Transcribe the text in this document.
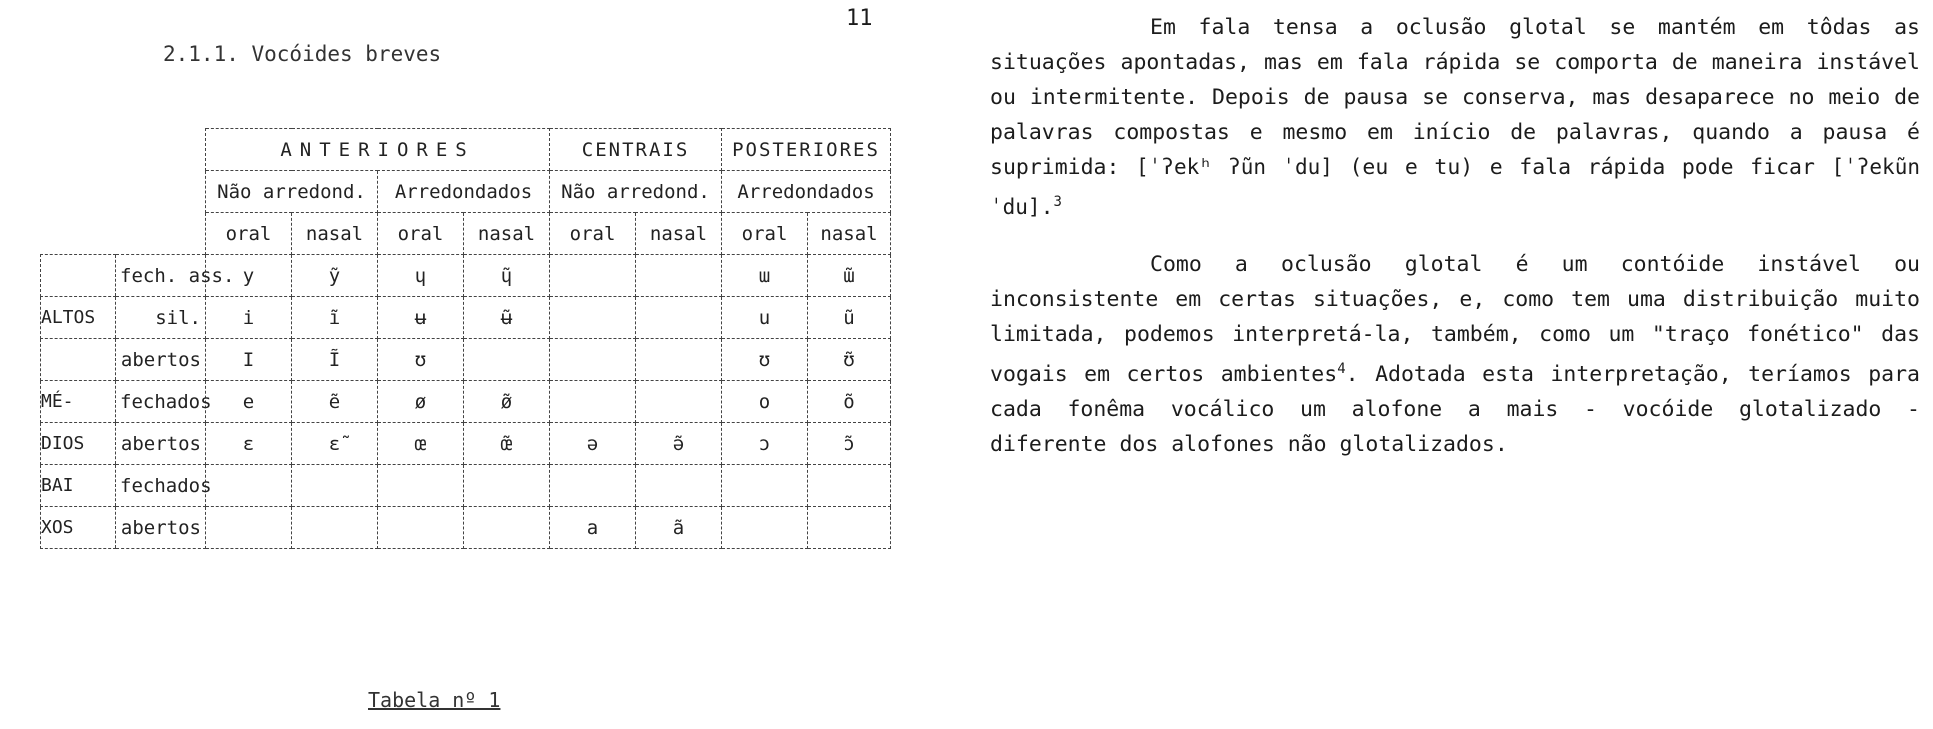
11
2.1.1. Vocóides breves
		ANTERIORES				CENTRAIS		POSTERIORES	
		Não arredond.		Arredondados		Não arredond.		Arredondados	
		oral	nasal	oral	nasal	oral	nasal	oral	nasal
	fech. ass.	y	ỹ	ɥ	ɥ̃			ɯ	ɯ̃
ALTOS	sil.	i	ĩ	ʉ	ʉ̃			u	ũ
	abertos	I	Ĩ	ʊ				ʊ	ʊ̃
MÉ-	fechados	e	ẽ	ø	ø̃			o	õ
DIOS	abertos	ε	ε̃	œ	œ̃	ə	ə̃	ɔ	ɔ̃
BAI	fechados								
XOS	abertos					a	ã		
Tabela nº 1

Em fala tensa a oclusão glotal se mantém em tôdas as situações apontadas, mas em fala rápida se comporta de maneira instável ou intermitente. Depois de pausa se conserva, mas desaparece no meio de palavras compostas e mesmo em início de palavras, quando a pausa é suprimida: [ˈʔekʰ ʔũn ˈdu] (eu e tu) e fala rápida pode ficar [ˈʔekũnˈdu].$^3$

Como a oclusão glotal é um contóide instável ou inconsistente em certas situações, e, como tem uma distribuição muito limitada, podemos interpretá-la, também, como um "traço fonético" das vogais em certos ambientes$^4$. Adotada esta interpretação, teríamos para cada fonêma vocálico um alofone a mais - vocóide glotalizado - diferente dos alofones não glotalizados.
